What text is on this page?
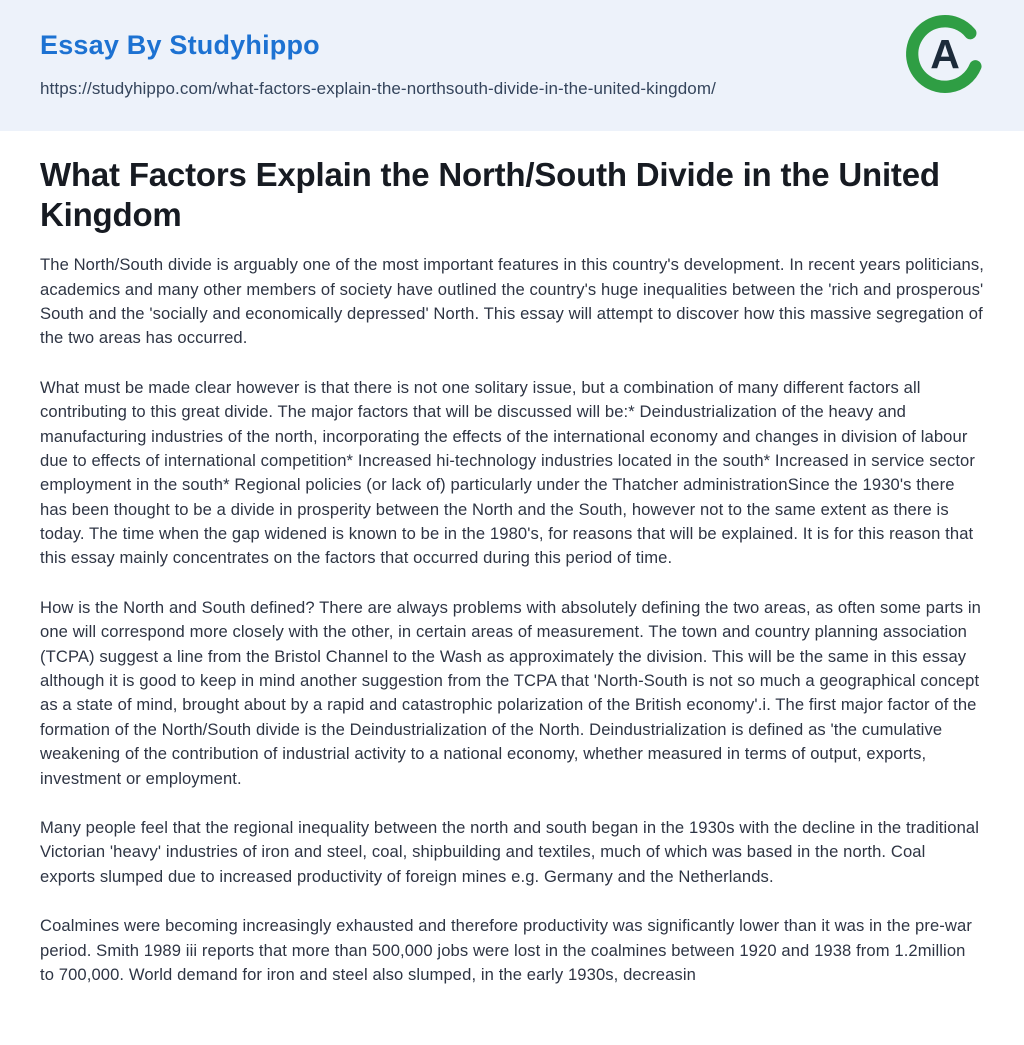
Essay By Studyhippo
https://studyhippo.com/what-factors-explain-the-northsouth-divide-in-the-united-kingdom/
A
What Factors Explain the North/South Divide in the United Kingdom

The North/South divide is arguably one of the most important features in this country's development. In recent years politicians, academics and many other members of society have outlined the country's huge inequalities between the 'rich and prosperous' South and the 'socially and economically depressed' North. This essay will attempt to discover how this massive segregation of the two areas has occurred.

What must be made clear however is that there is not one solitary issue, but a combination of many different factors all contributing to this great divide. The major factors that will be discussed will be:* Deindustrialization of the heavy and manufacturing industries of the north, incorporating the effects of the international economy and changes in division of labour due to effects of international competition* Increased hi-technology industries located in the south* Increased in service sector employment in the south* Regional policies (or lack of) particularly under the Thatcher administrationSince the 1930's there has been thought to be a divide in prosperity between the North and the South, however not to the same extent as there is today. The time when the gap widened is known to be in the 1980's, for reasons that will be explained. It is for this reason that this essay mainly concentrates on the factors that occurred during this period of time.

How is the North and South defined? There are always problems with absolutely defining the two areas, as often some parts in one will correspond more closely with the other, in certain areas of measurement. The town and country planning association (TCPA) suggest a line from the Bristol Channel to the Wash as approximately the division. This will be the same in this essay although it is good to keep in mind another suggestion from the TCPA that 'North-South is not so much a geographical concept as a state of mind, brought about by a rapid and catastrophic polarization of the British economy'.i. The first major factor of the formation of the North/South divide is the Deindustrialization of the North. Deindustrialization is defined as 'the cumulative weakening of the contribution of industrial activity to a national economy, whether measured in terms of output, exports, investment or employment.

Many people feel that the regional inequality between the north and south began in the 1930s with the decline in the traditional Victorian 'heavy' industries of iron and steel, coal, shipbuilding and textiles, much of which was based in the north. Coal exports slumped due to increased productivity of foreign mines e.g. Germany and the Netherlands.

Coalmines were becoming increasingly exhausted and therefore productivity was significantly lower than it was in the pre-war period. Smith 1989 iii reports that more than 500,000 jobs were lost in the coalmines between 1920 and 1938 from 1.2million to 700,000. World demand for iron and steel also slumped, in the early 1930s, decreasin
